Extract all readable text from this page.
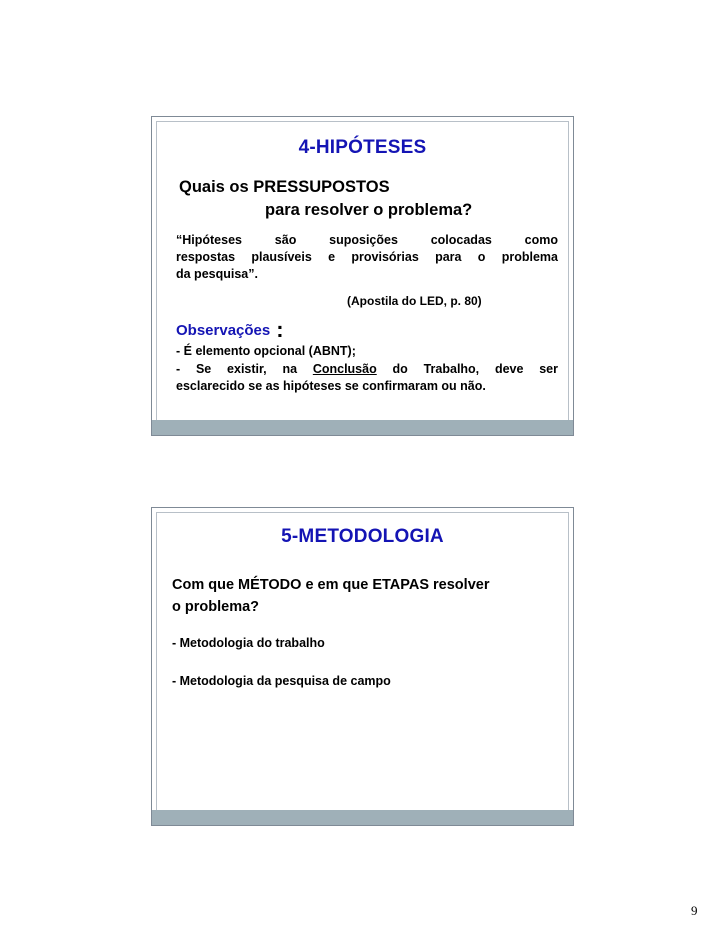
4-HIPÓTESES
Quais os PRESSUPOSTOS
para resolver o problema?
“Hipóteses são suposições colocadas como
respostas plausíveis e provisórias para o problema
da pesquisa”.
(Apostila do LED, p. 80)
Observações :
- É elemento opcional (ABNT);
- Se existir, na Conclusão do Trabalho, deve ser
esclarecido se as hipóteses se confirmaram ou não.
5-METODOLOGIA
Com que MÉTODO e em que ETAPAS resolver
o problema?
- Metodologia do trabalho
- Metodologia da pesquisa de campo
9
